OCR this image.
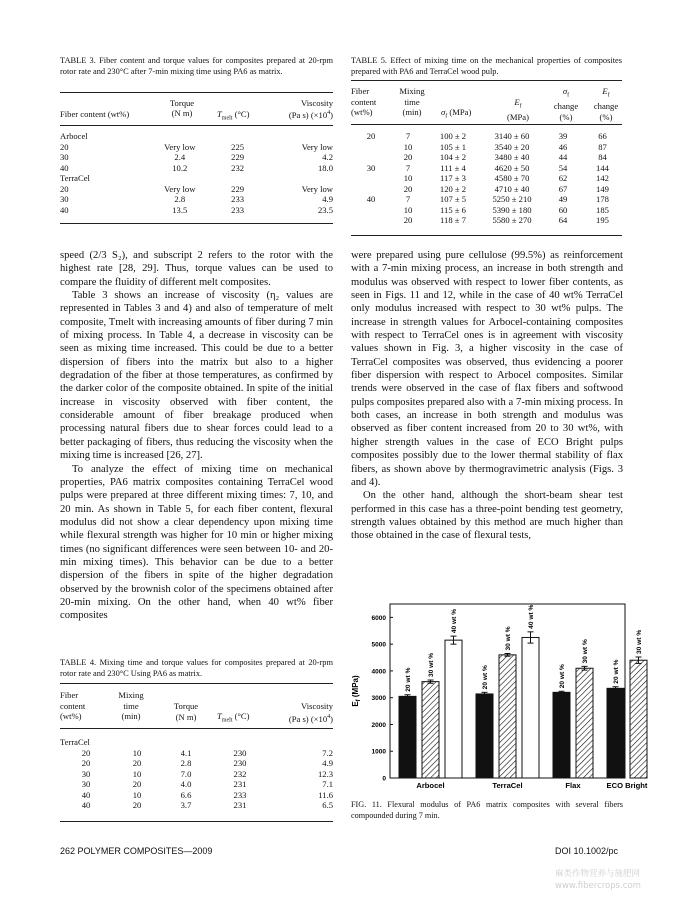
TABLE 3. Fiber content and torque values for composites prepared at 20-rpm rotor rate and 230°C after 7-min mixing time using PA6 as matrix.
Fiber content (wt%)
Torque
(N m)	$T_{melt}$ (°C)
Viscosity
(Pa s) $(\times 10^4)$
Arbocel			
20	Very low	225	Very low
30	2.4	229	4.2
40	10.2	232	18.0
TerraCel			
20	Very low	229	Very low
30	2.8	233	4.9
40	13.5	233	23.5
TABLE 5. Effect of mixing time on the mechanical properties of composites prepared with PA6 and TerraCel wood pulp.
Fiber
content
(wt%)
Mixing
time
(min)	$\sigma_f$ (MPa)
$E_f$
(MPa)
$\sigma_f$
change
(%)
$E_f$
change
(%)
20	7	100 ± 2	3140 ± 60	39	66
	10	105 ± 1	3540 ± 20	46	87
	20	104 ± 2	3480 ± 40	44	84
30	7	111 ± 4	4620 ± 50	54	144
	10	117 ± 3	4580 ± 70	62	142
	20	120 ± 2	4710 ± 40	67	149
40	7	107 ± 5	5250 ± 210	49	178
	10	115 ± 6	5390 ± 180	60	185
	20	118 ± 7	5580 ± 270	64	195

speed (2/3 S₂), and subscript 2 refers to the rotor with the highest rate [28, 29]. Thus, torque values can be used to compare the fluidity of different melt composites.

Table 3 shows an increase of viscosity (η₂ values are represented in Tables 3 and 4) and also of temperature of melt composite, Tmelt with increasing amounts of fiber during 7 min of mixing process. In Table 4, a decrease in viscosity can be seen as mixing time increased. This could be due to a better dispersion of fibers into the matrix but also to a higher degradation of the fiber at those temperatures, as confirmed by the darker color of the composite obtained. In spite of the initial increase in viscosity observed with fiber content, the considerable amount of fiber breakage produced when processing natural fibers due to shear forces could lead to a better packaging of fibers, thus reducing the viscosity when the mixing time is increased [26, 27].

To analyze the effect of mixing time on mechanical properties, PA6 matrix composites containing TerraCel wood pulps were prepared at three different mixing times: 7, 10, and 20 min. As shown in Table 5, for each fiber content, flexural modulus did not show a clear dependency upon mixing time while flexural strength was higher for 10 min or higher mixing times (no significant differences were seen between 10- and 20-min mixing times). This behavior can be due to a better dispersion of the fibers in spite of the higher degradation observed by the brownish color of the specimens obtained after 20-min mixing. On the other hand, when 40 wt% fiber composites

TABLE 4. Mixing time and torque values for composites prepared at 20-rpm rotor rate and 230°C Using PA6 as matrix.
Fiber
content
(wt%)
Mixing
time
(min)
Torque
(N m)	$T_{melt}$ (°C)
Viscosity
(Pa s) $(\times 10^4)$
TerraCel				
20	10	4.1	230	7.2
20	20	2.8	230	4.9
30	10	7.0	232	12.3
30	20	4.0	231	7.1
40	10	6.6	233	11.6
40	20	3.7	231	6.5

were prepared using pure cellulose (99.5%) as reinforcement with a 7-min mixing process, an increase in both strength and modulus was observed with respect to lower fiber contents, as seen in Figs. 11 and 12, while in the case of 40 wt% TerraCel only modulus increased with respect to 30 wt% pulps. The increase in strength values for Arbocel-containing composites with respect to TerraCel ones is in agreement with viscosity values shown in Fig. 3, a higher viscosity in the case of TerraCel composites was observed, thus evidencing a poorer fiber dispersion with respect to Arbocel composites. Similar trends were observed in the case of flax fibers and softwood pulps composites prepared also with a 7-min mixing process. In both cases, an increase in both strength and modulus was observed as fiber content increased from 20 to 30 wt%, with higher strength values in the case of ECO Bright pulps composites possibly due to the lower thermal stability of flax fibers, as shown above by thermogravimetric analysis (Figs. 3 and 4).

On the other hand, although the short-beam shear test performed in this case has a three-point bending test geometry, strength values obtained by this method are much higher than those obtained in the case of flexural tests,

0
1000
2000
3000
4000
5000
6000
$E_f$ (MPa)	20 wt %
30 wt %
40 wt %
Arbocel
20 wt %
30 wt %
40 wt %
TerraCel
20 wt %
30 wt %
Flax
20 wt %
30 wt %
ECO Bright
FIG. 11. Flexural modulus of PA6 matrix composites with several fibers compounded during 7 min.
262 POLYMER COMPOSITES—2009	DOI 10.1002/pc
麻类作物营养与施肥网 www.fibercrops.com
